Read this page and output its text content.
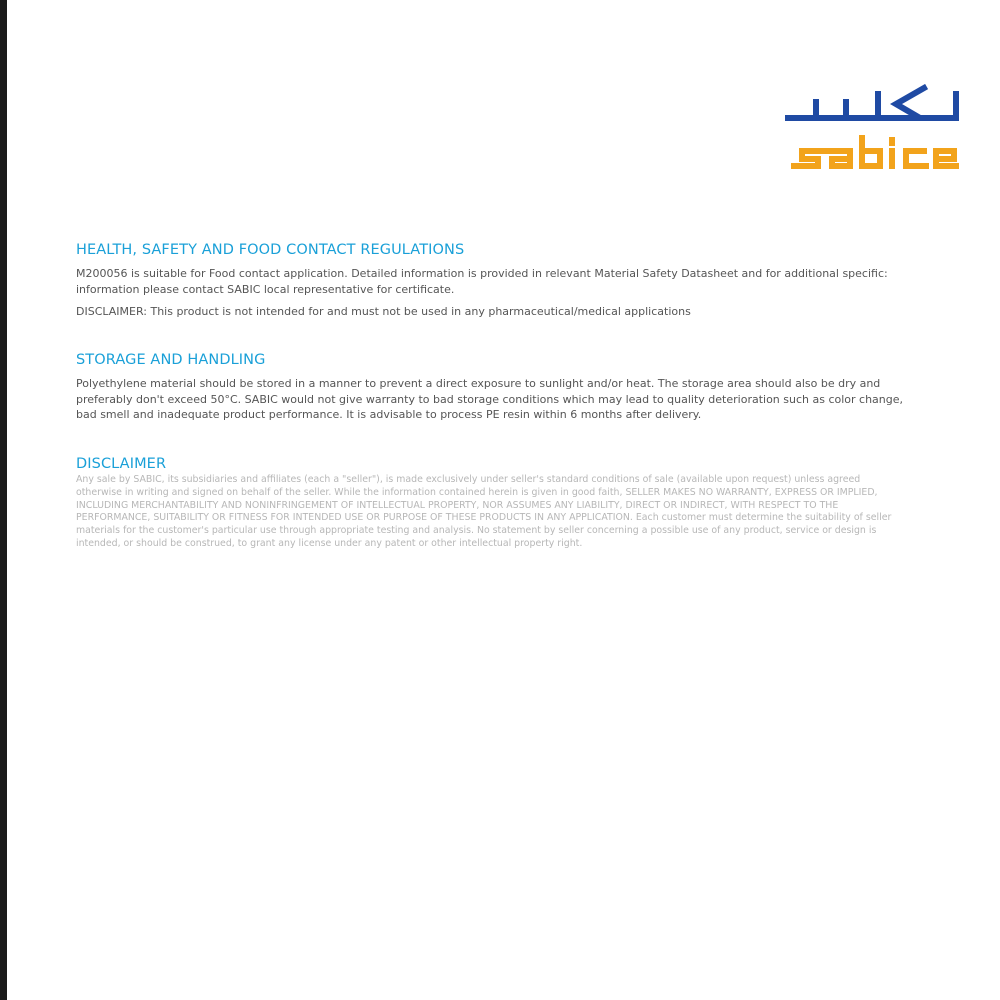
HEALTH, SAFETY AND FOOD CONTACT REGULATIONS
M200056 is suitable for Food contact application. Detailed information is provided in relevant Material Safety Datasheet and for additional specific:
information please contact SABIC local representative for certificate.
DISCLAIMER: This product is not intended for and must not be used in any pharmaceutical/medical applications
STORAGE AND HANDLING
Polyethylene material should be stored in a manner to prevent a direct exposure to sunlight and/or heat. The storage area should also be dry and
preferably don't exceed 50°C. SABIC would not give warranty to bad storage conditions which may lead to quality deterioration such as color change,
bad smell and inadequate product performance. It is advisable to process PE resin within 6 months after delivery.
DISCLAIMER
Any sale by SABIC, its subsidiaries and affiliates (each a "seller"), is made exclusively under seller's standard conditions of sale (available upon request) unless agreed
otherwise in writing and signed on behalf of the seller. While the information contained herein is given in good faith, SELLER MAKES NO WARRANTY, EXPRESS OR IMPLIED,
INCLUDING MERCHANTABILITY AND NONINFRINGEMENT OF INTELLECTUAL PROPERTY, NOR ASSUMES ANY LIABILITY, DIRECT OR INDIRECT, WITH RESPECT TO THE
PERFORMANCE, SUITABILITY OR FITNESS FOR INTENDED USE OR PURPOSE OF THESE PRODUCTS IN ANY APPLICATION. Each customer must determine the suitability of seller
materials for the customer's particular use through appropriate testing and analysis. No statement by seller concerning a possible use of any product, service or design is
intended, or should be construed, to grant any license under any patent or other intellectual property right.
